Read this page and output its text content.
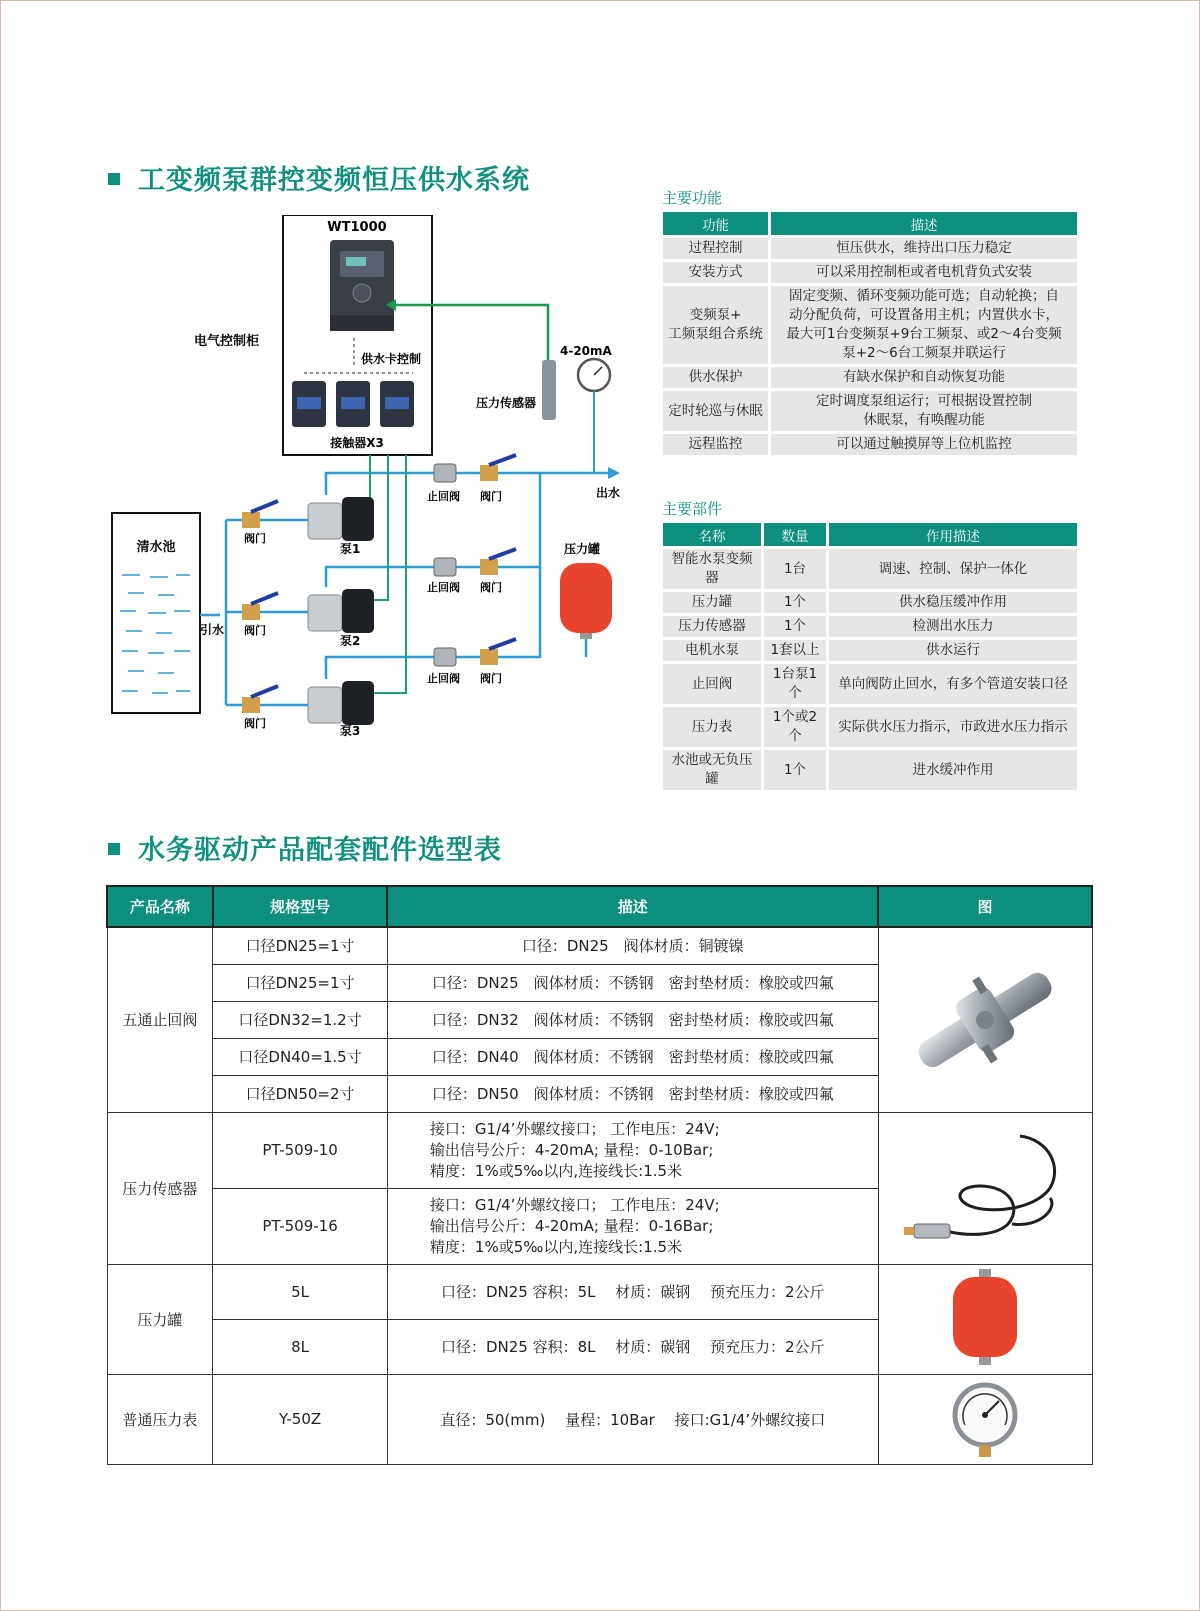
工变频泵群控变频恒压供水系统
WT1000
电气控制柜
供水卡控制
接触器X3
4-20mA
压力传感器
清水池
引水
出水
阀门
阀门
阀门
泵1
泵2
泵3
止回阀 阀门
止回阀 阀门
止回阀 阀门
压力罐
主要功能
功能	描述
过程控制	恒压供水，维持出口压力稳定
安装方式	可以采用控制柜或者电机背负式安装
变频泵+
工频泵组合系统	固定变频、循环变频功能可选；自动轮换；自
动分配负荷，可设置备用主机；内置供水卡，
最大可1台变频泵+9台工频泵、或2～4台变频
泵+2～6台工频泵并联运行
供水保护	有缺水保护和自动恢复功能
定时轮巡与休眠	定时调度泵组运行；可根据设置控制
休眠泵，有唤醒功能
远程监控	可以通过触摸屏等上位机监控
主要部件
名称	数量	作用描述
智能水泵变频器	1台	调速、控制、保护一体化
压力罐	1个	供水稳压缓冲作用
压力传感器	1个	检测出水压力
电机水泵	1套以上	供水运行
止回阀	1台泵1个	单向阀防止回水，有多个管道安装口径
压力表	1个或2个	实际供水压力指示，市政进水压力指示
水池或无负压罐	1个	进水缓冲作用
水务驱动产品配套配件选型表
产品名称	规格型号	描述	图
五通止回阀	口径DN25=1寸	口径：DN25　阀体材质：铜镀镍	

	口径DN25=1寸	口径：DN25　阀体材质：不锈钢　密封垫材质：橡胶或四氟	
	口径DN32=1.2寸	口径：DN32　阀体材质：不锈钢　密封垫材质：橡胶或四氟	
	口径DN40=1.5寸	口径：DN40　阀体材质：不锈钢　密封垫材质：橡胶或四氟	
	口径DN50=2寸	口径：DN50　阀体材质：不锈钢　密封垫材质：橡胶或四氟	
压力传感器	PT-509-10	接口：G1/4’外螺纹接口； 工作电压：24V;
输出信号公斤：4-20mA; 量程：0-10Bar;
精度：1%或5‰以内,连接线长:1.5米	

	PT-509-16	接口：G1/4’外螺纹接口； 工作电压：24V;
输出信号公斤：4-20mA; 量程：0-16Bar;
精度：1%或5‰以内,连接线长:1.5米	
压力罐	5L	口径：DN25 容积：5L　 材质：碳钢　 预充压力：2公斤	

	8L	口径：DN25 容积：8L　 材质：碳钢　 预充压力：2公斤	
普通压力表	Y-50Z	直径：50(mm)　 量程：10Bar　 接口:G1/4’外螺纹接口	
